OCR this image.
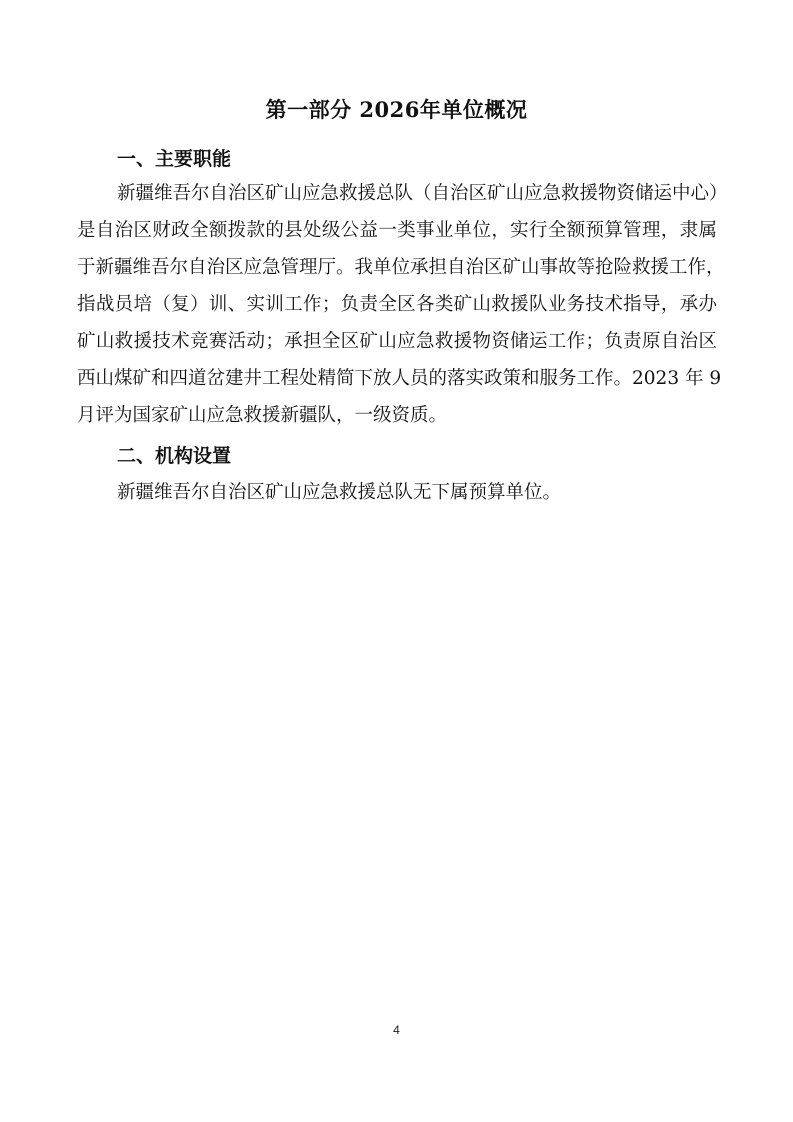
第一部分 2026年单位概况
一、主要职能
新疆维吾尔自治区矿山应急救援总队（自治区矿山应急救援物资储运中心）
是自治区财政全额拨款的县处级公益一类事业单位，实行全额预算管理，隶属
于新疆维吾尔自治区应急管理厅。我单位承担自治区矿山事故等抢险救援工作，
指战员培（复）训、实训工作；负责全区各类矿山救援队业务技术指导，承办
矿山救援技术竞赛活动；承担全区矿山应急救援物资储运工作；负责原自治区
西山煤矿和四道岔建井工程处精简下放人员的落实政策和服务工作。2023 年 9
月评为国家矿山应急救援新疆队，一级资质。
二、机构设置
新疆维吾尔自治区矿山应急救援总队无下属预算单位。
4
